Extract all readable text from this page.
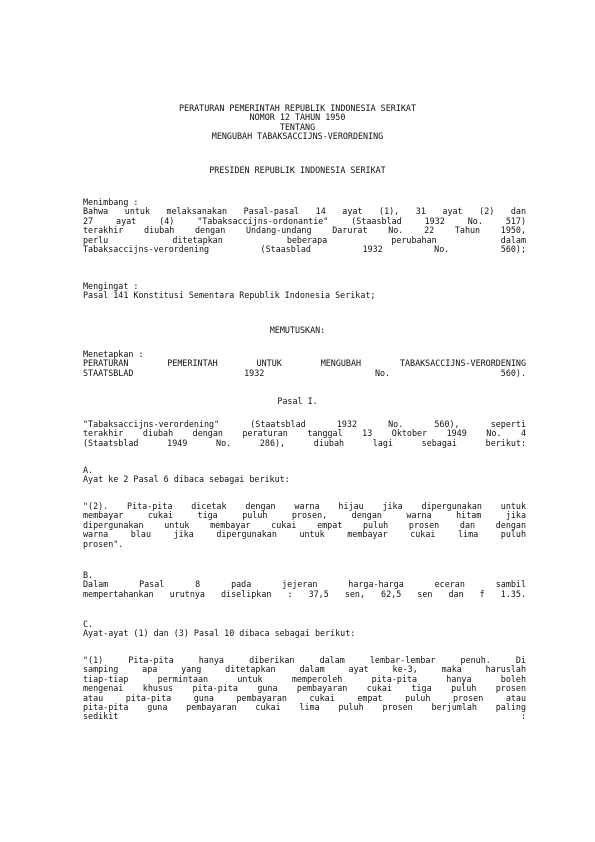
PERATURAN PEMERINTAH REPUBLIK INDONESIA SERIKAT
NOMOR 12 TAHUN 1950
TENTANG
MENGUBAH TABAKSACCIJNS-VERORDENING
PRESIDEN REPUBLIK INDONESIA SERIKAT

Menimbang :

Bahwa untuk melaksanakan Pasal-pasal 14 ayat (1), 31 ayat (2) dan
27 ayat (4) "Tabaksaccijns-ordonantie" (Staasblad 1932 No. 517)
terakhir diubah dengan Undang-undang Darurat No. 22 Tahun 1950,
perlu ditetapkan beberapa perubahan dalam
Tabaksaccijns-verordening (Staasblad 1932 No. 560);

Mengingat :

Pasal 141 Konstitusi Sementara Republik Indonesia Serikat;

MEMUTUSKAN:

Menetapkan :

PERATURAN PEMERINTAH UNTUK MENGUBAH TABAKSACCIJNS-VERORDENING
STAATSBLAD 1932 No. 560).

Pasal I.

"Tabaksaccijns-verordening" (Staatsblad 1932 No. 560), seperti
terakhir diubah dengan peraturan tanggal 13 Oktober 1949 No. 4
(Staatsblad 1949 No. 286), diubah lagi sebagai berikut:

A.

Ayat ke 2 Pasal 6 dibaca sebagai berikut:

"(2). Pita-pita dicetak dengan warna hijau jika dipergunakan untuk
membayar cukai tiga puluh prosen, dengan warna hitam jika
dipergunakan untuk membayar cukai empat puluh prosen dan dengan
warna blau jika dipergunakan untuk membayar cukai lima puluh
prosen".

B.

Dalam Pasal 8 pada jejeran harga-harga eceran sambil
mempertahankan urutnya diselipkan : 37,5 sen, 62,5 sen dan f 1.35.

C.

Ayat-ayat (1) dan (3) Pasal 10 dibaca sebagai berikut:

"(1) Pita-pita hanya diberikan dalam lembar-lembar penuh. Di
samping apa yang ditetapkan dalam ayat ke-3, maka haruslah
tiap-tiap permintaan untuk memperoleh pita-pita hanya boleh
mengenai khusus pita-pita guna pembayaran cukai tiga puluh prosen
atau pita-pita guna pembayaran cukai empat puluh prosen atau
pita-pita guna pembayaran cukai lima puluh prosen berjumlah paling
sedikit :
